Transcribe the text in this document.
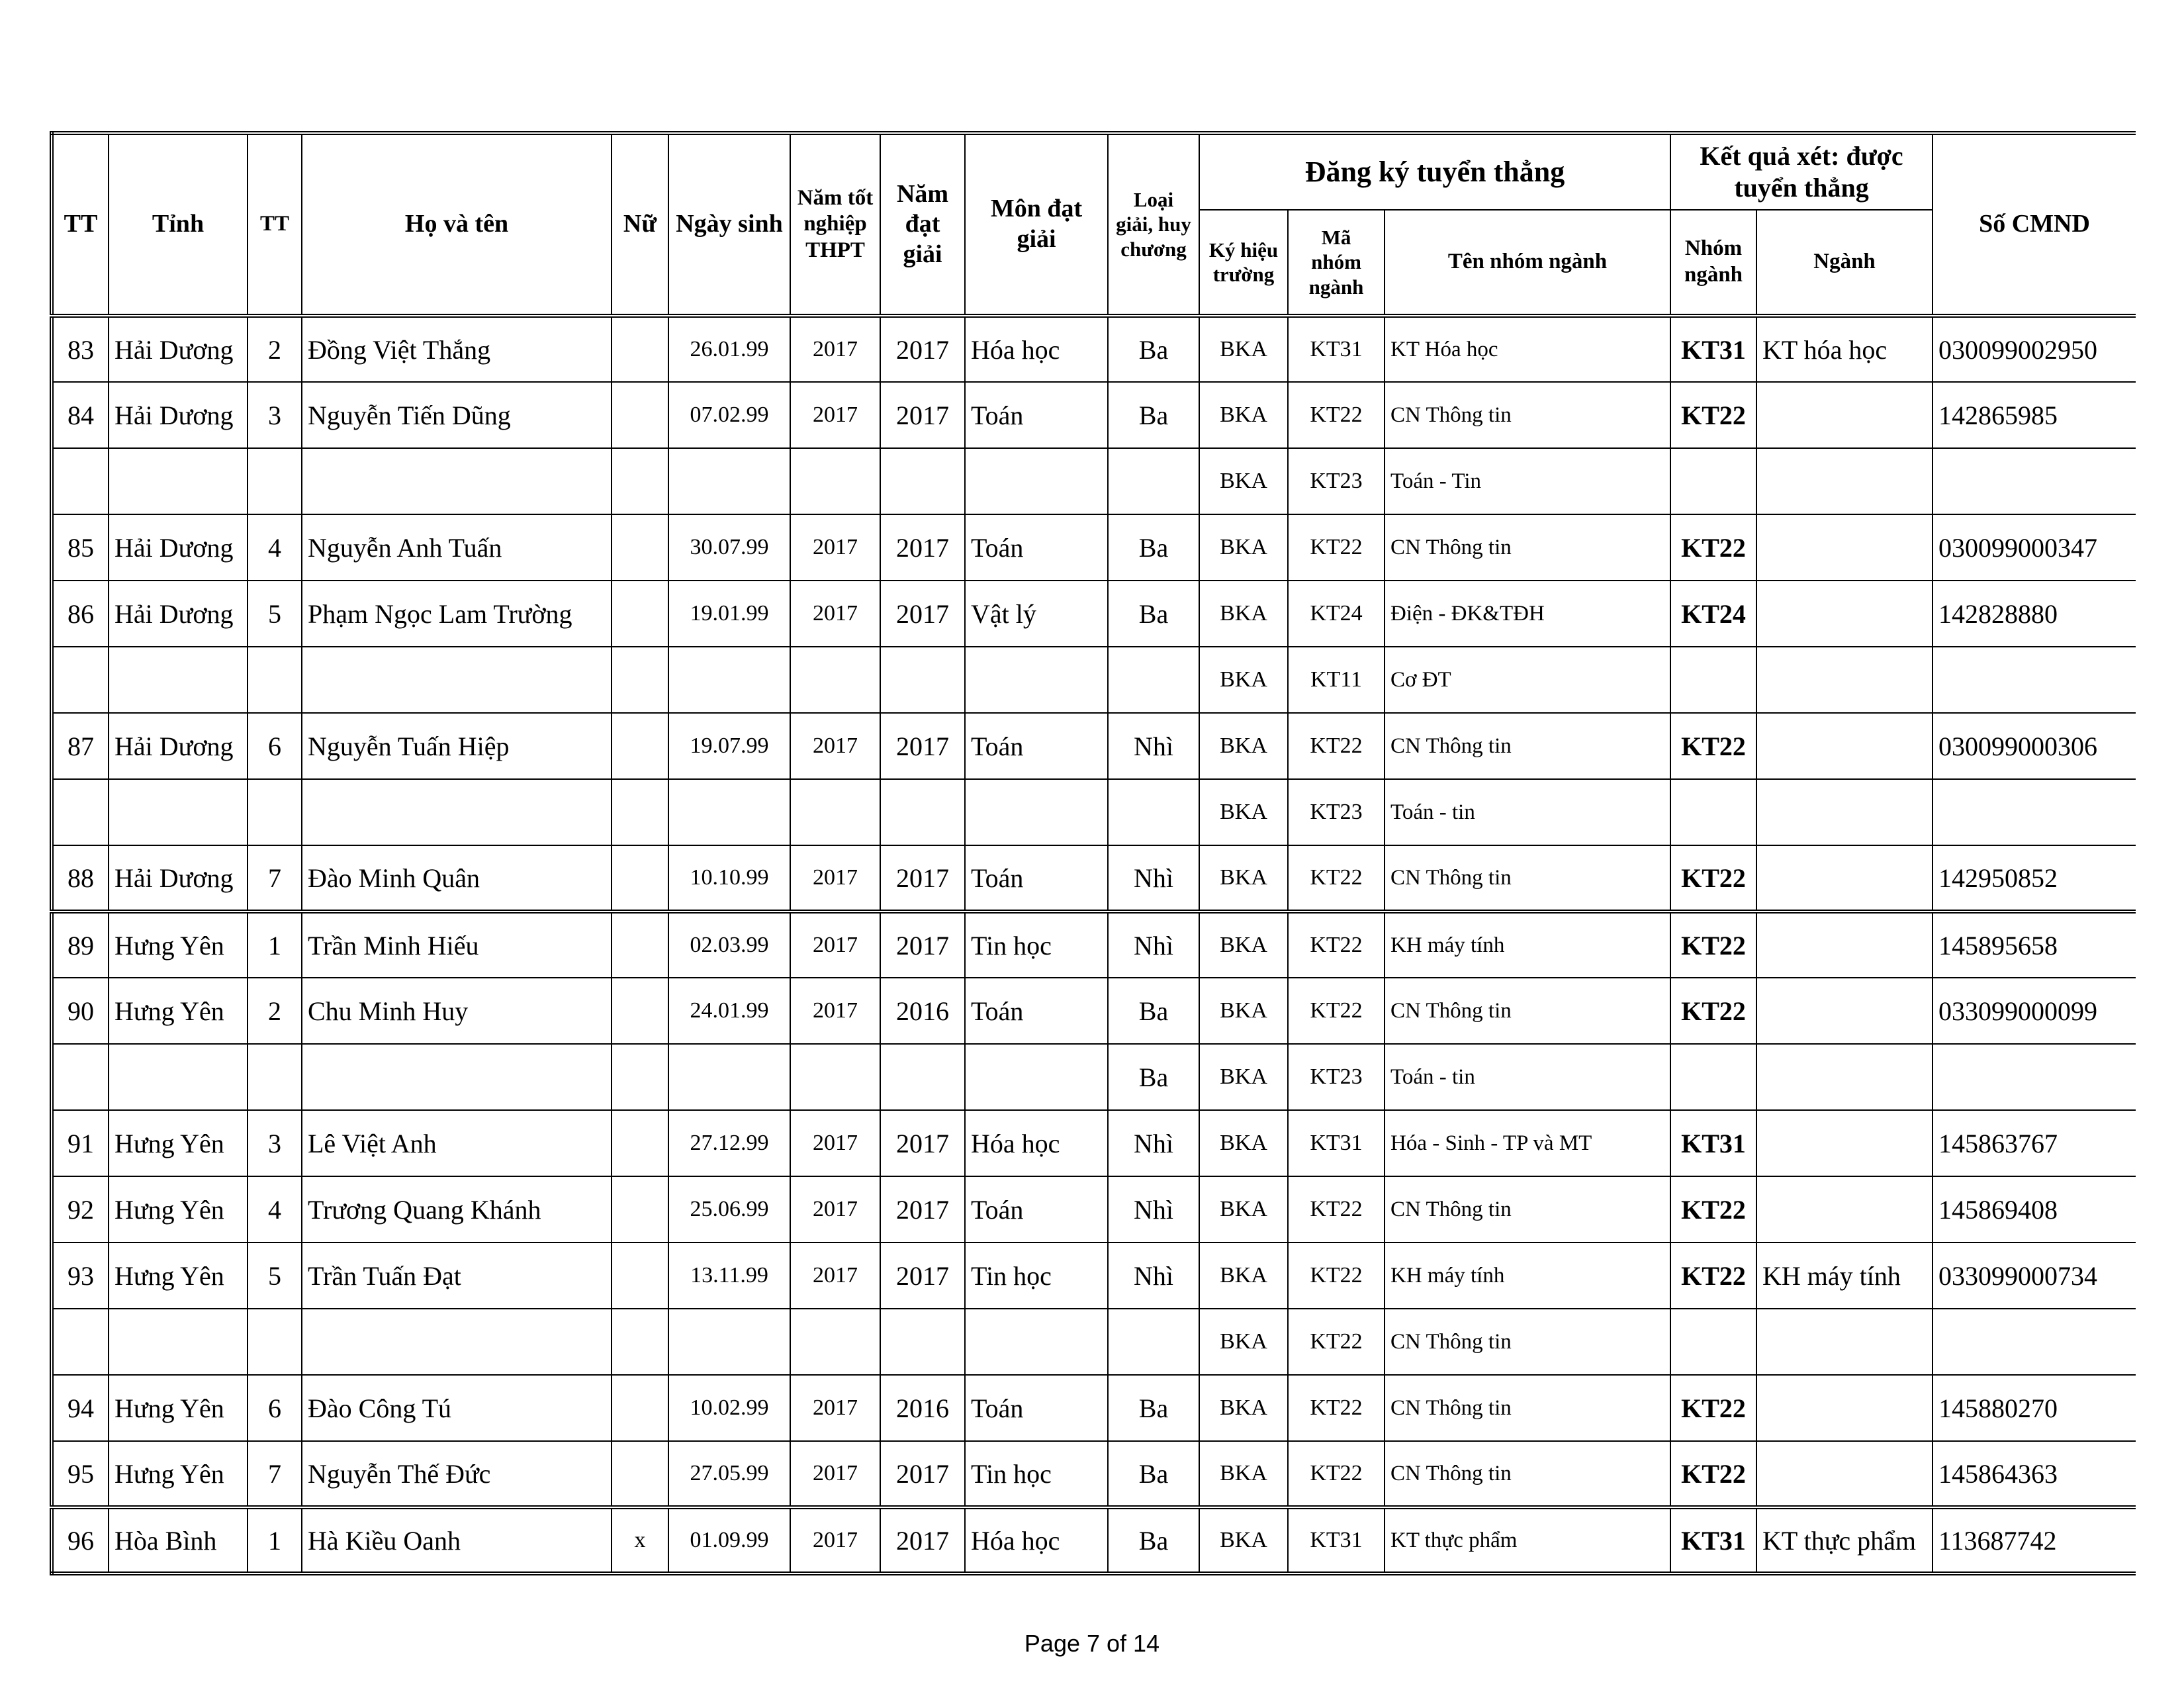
TT	Tỉnh	TT	Họ và tên	Nữ	Ngày sinh	Năm tốt nghiệp THPT	Năm đạt giải	Môn đạt giải	Loại giải, huy chương	Đăng ký tuyển thẳng			Kết quả xét: được tuyển thẳng		Số CMND
										Ký hiệu trường	Mã nhóm ngành	Tên nhóm ngành	Nhóm ngành	Ngành	
83	Hải Dương	2	Đồng Việt Thắng		26.01.99	2017	2017	Hóa học	Ba	BKA	KT31	KT Hóa học	KT31	KT hóa học	030099002950
84	Hải Dương	3	Nguyễn Tiến Dũng		07.02.99	2017	2017	Toán	Ba	BKA	KT22	CN Thông tin	KT22		142865985
										BKA	KT23	Toán - Tin			
85	Hải Dương	4	Nguyễn Anh Tuấn		30.07.99	2017	2017	Toán	Ba	BKA	KT22	CN Thông tin	KT22		030099000347
86	Hải Dương	5	Phạm Ngọc Lam Trường		19.01.99	2017	2017	Vật lý	Ba	BKA	KT24	Điện - ĐK&TĐH	KT24		142828880
										BKA	KT11	Cơ ĐT			
87	Hải Dương	6	Nguyễn Tuấn Hiệp		19.07.99	2017	2017	Toán	Nhì	BKA	KT22	CN Thông tin	KT22		030099000306
										BKA	KT23	Toán - tin			
88	Hải Dương	7	Đào Minh Quân		10.10.99	2017	2017	Toán	Nhì	BKA	KT22	CN Thông tin	KT22		142950852
89	Hưng Yên	1	Trần Minh Hiếu		02.03.99	2017	2017	Tin học	Nhì	BKA	KT22	KH máy tính	KT22		145895658
90	Hưng Yên	2	Chu Minh Huy		24.01.99	2017	2016	Toán	Ba	BKA	KT22	CN Thông tin	KT22		033099000099
									Ba	BKA	KT23	Toán - tin			
91	Hưng Yên	3	Lê Việt Anh		27.12.99	2017	2017	Hóa học	Nhì	BKA	KT31	Hóa - Sinh - TP và MT	KT31		145863767
92	Hưng Yên	4	Trương Quang Khánh		25.06.99	2017	2017	Toán	Nhì	BKA	KT22	CN Thông tin	KT22		145869408
93	Hưng Yên	5	Trần Tuấn Đạt		13.11.99	2017	2017	Tin học	Nhì	BKA	KT22	KH máy tính	KT22	KH máy tính	033099000734
										BKA	KT22	CN Thông tin			
94	Hưng Yên	6	Đào Công Tú		10.02.99	2017	2016	Toán	Ba	BKA	KT22	CN Thông tin	KT22		145880270
95	Hưng Yên	7	Nguyễn Thế Đức		27.05.99	2017	2017	Tin học	Ba	BKA	KT22	CN Thông tin	KT22		145864363
96	Hòa Bình	1	Hà Kiều Oanh	x	01.09.99	2017	2017	Hóa học	Ba	BKA	KT31	KT thực phẩm	KT31	KT thực phẩm	113687742
Page 7 of 14
